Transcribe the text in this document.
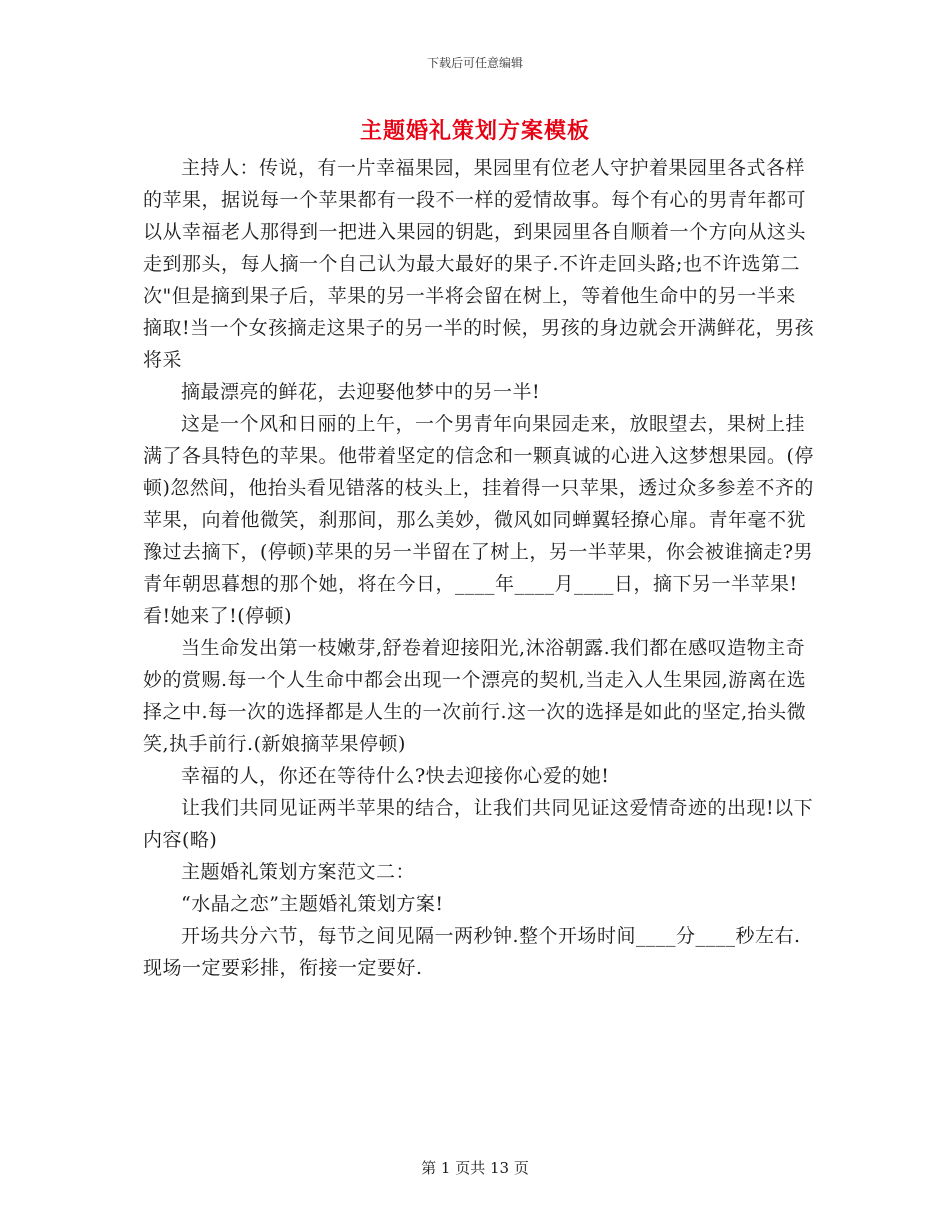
下载后可任意编辑
主题婚礼策划方案模板

主持人：传说，有一片幸福果园，果园里有位老人守护着果园里各式各样的苹果，据说每一个苹果都有一段不一样的爱情故事。每个有心的男青年都可以从幸福老人那得到一把进入果园的钥匙，到果园里各自顺着一个方向从这头走到那头，每人摘一个自己认为最大最好的果子.不许走回头路;也不许选第二次"但是摘到果子后，苹果的另一半将会留在树上，等着他生命中的另一半来摘取!当一个女孩摘走这果子的另一半的时候，男孩的身边就会开满鲜花，男孩将采

摘最漂亮的鲜花，去迎娶他梦中的另一半!

这是一个风和日丽的上午，一个男青年向果园走来，放眼望去，果树上挂满了各具特色的苹果。他带着坚定的信念和一颗真诚的心进入这梦想果园。(停顿)忽然间，他抬头看见错落的枝头上，挂着得一只苹果，透过众多参差不齐的苹果，向着他微笑，刹那间，那么美妙，微风如同蝉翼轻撩心扉。青年毫不犹豫过去摘下，(停顿)苹果的另一半留在了树上，另一半苹果，你会被谁摘走?男青年朝思暮想的那个她，将在今日，____年____月____日，摘下另一半苹果!看!她来了!(停顿)

当生命发出第一枝嫩芽,舒卷着迎接阳光,沐浴朝露.我们都在感叹造物主奇妙的赏赐.每一个人生命中都会出现一个漂亮的契机,当走入人生果园,游离在选择之中.每一次的选择都是人生的一次前行.这一次的选择是如此的坚定,抬头微笑,执手前行.(新娘摘苹果停顿)

幸福的人，你还在等待什么?快去迎接你心爱的她!

让我们共同见证两半苹果的结合，让我们共同见证这爱情奇迹的出现!以下内容(略)

主题婚礼策划方案范文二：

“水晶之恋”主题婚礼策划方案!

开场共分六节，每节之间见隔一两秒钟.整个开场时间____分____秒左右.现场一定要彩排，衔接一定要好.

第 1 页共 13 页
